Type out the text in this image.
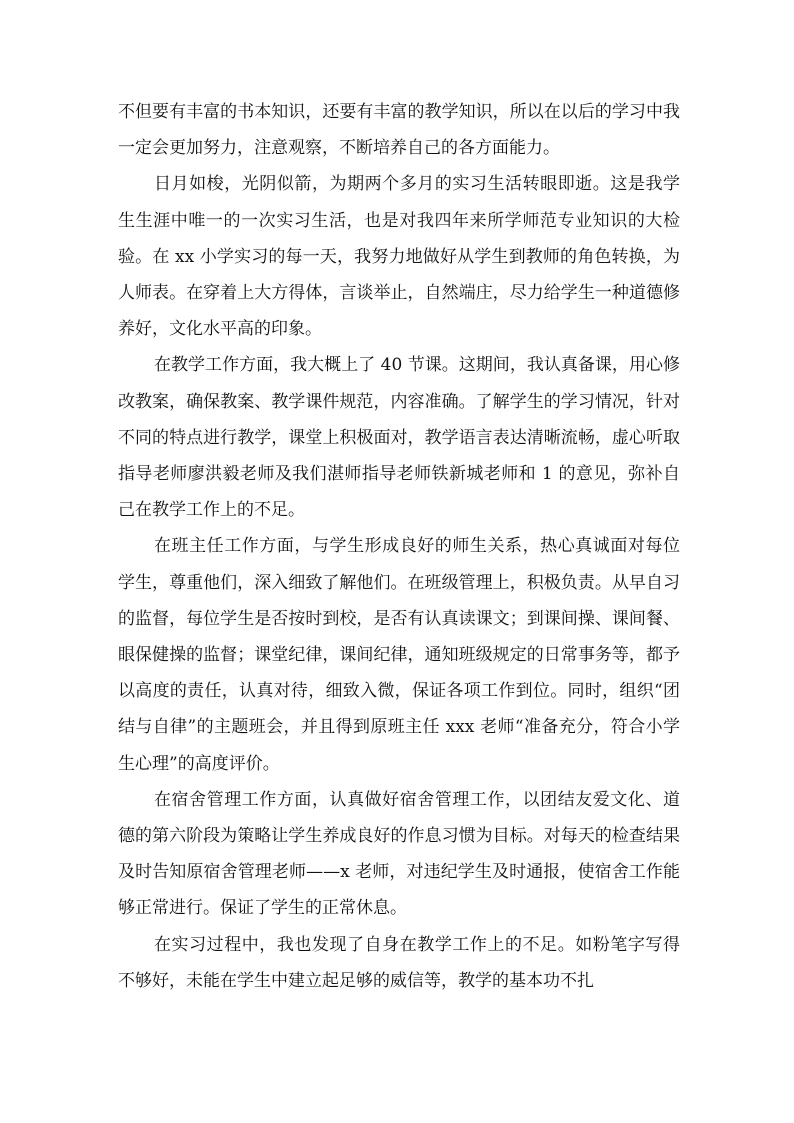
不但要有丰富的书本知识，还要有丰富的教学知识，所以在以后的学习中我一定会更加努力，注意观察，不断培养自己的各方面能力。

日月如梭，光阴似箭，为期两个多月的实习生活转眼即逝。这是我学生生涯中唯一的一次实习生活，也是对我四年来所学师范专业知识的大检验。在 xx 小学实习的每一天，我努力地做好从学生到教师的角色转换，为人师表。在穿着上大方得体，言谈举止，自然端庄，尽力给学生一种道德修养好，文化水平高的印象。

在教学工作方面，我大概上了 40 节课。这期间，我认真备课，用心修改教案，确保教案、教学课件规范，内容准确。了解学生的学习情况，针对不同的特点进行教学，课堂上积极面对，教学语言表达清晰流畅，虚心听取指导老师廖洪毅老师及我们湛师指导老师铁新城老师和 1 的意见，弥补自己在教学工作上的不足。

在班主任工作方面，与学生形成良好的师生关系，热心真诚面对每位学生，尊重他们，深入细致了解他们。在班级管理上，积极负责。从早自习的监督，每位学生是否按时到校，是否有认真读课文；到课间操、课间餐、眼保健操的监督；课堂纪律，课间纪律，通知班级规定的日常事务等，都予以高度的责任，认真对待，细致入微，保证各项工作到位。同时，组织“团结与自律”的主题班会，并且得到原班主任 xxx 老师“准备充分，符合小学生心理”的高度评价。

在宿舍管理工作方面，认真做好宿舍管理工作，以团结友爱文化、道德的第六阶段为策略让学生养成良好的作息习惯为目标。对每天的检查结果及时告知原宿舍管理老师——x 老师，对违纪学生及时通报，使宿舍工作能够正常进行。保证了学生的正常休息。

在实习过程中，我也发现了自身在教学工作上的不足。如粉笔字写得不够好，未能在学生中建立起足够的威信等，教学的基本功不扎
